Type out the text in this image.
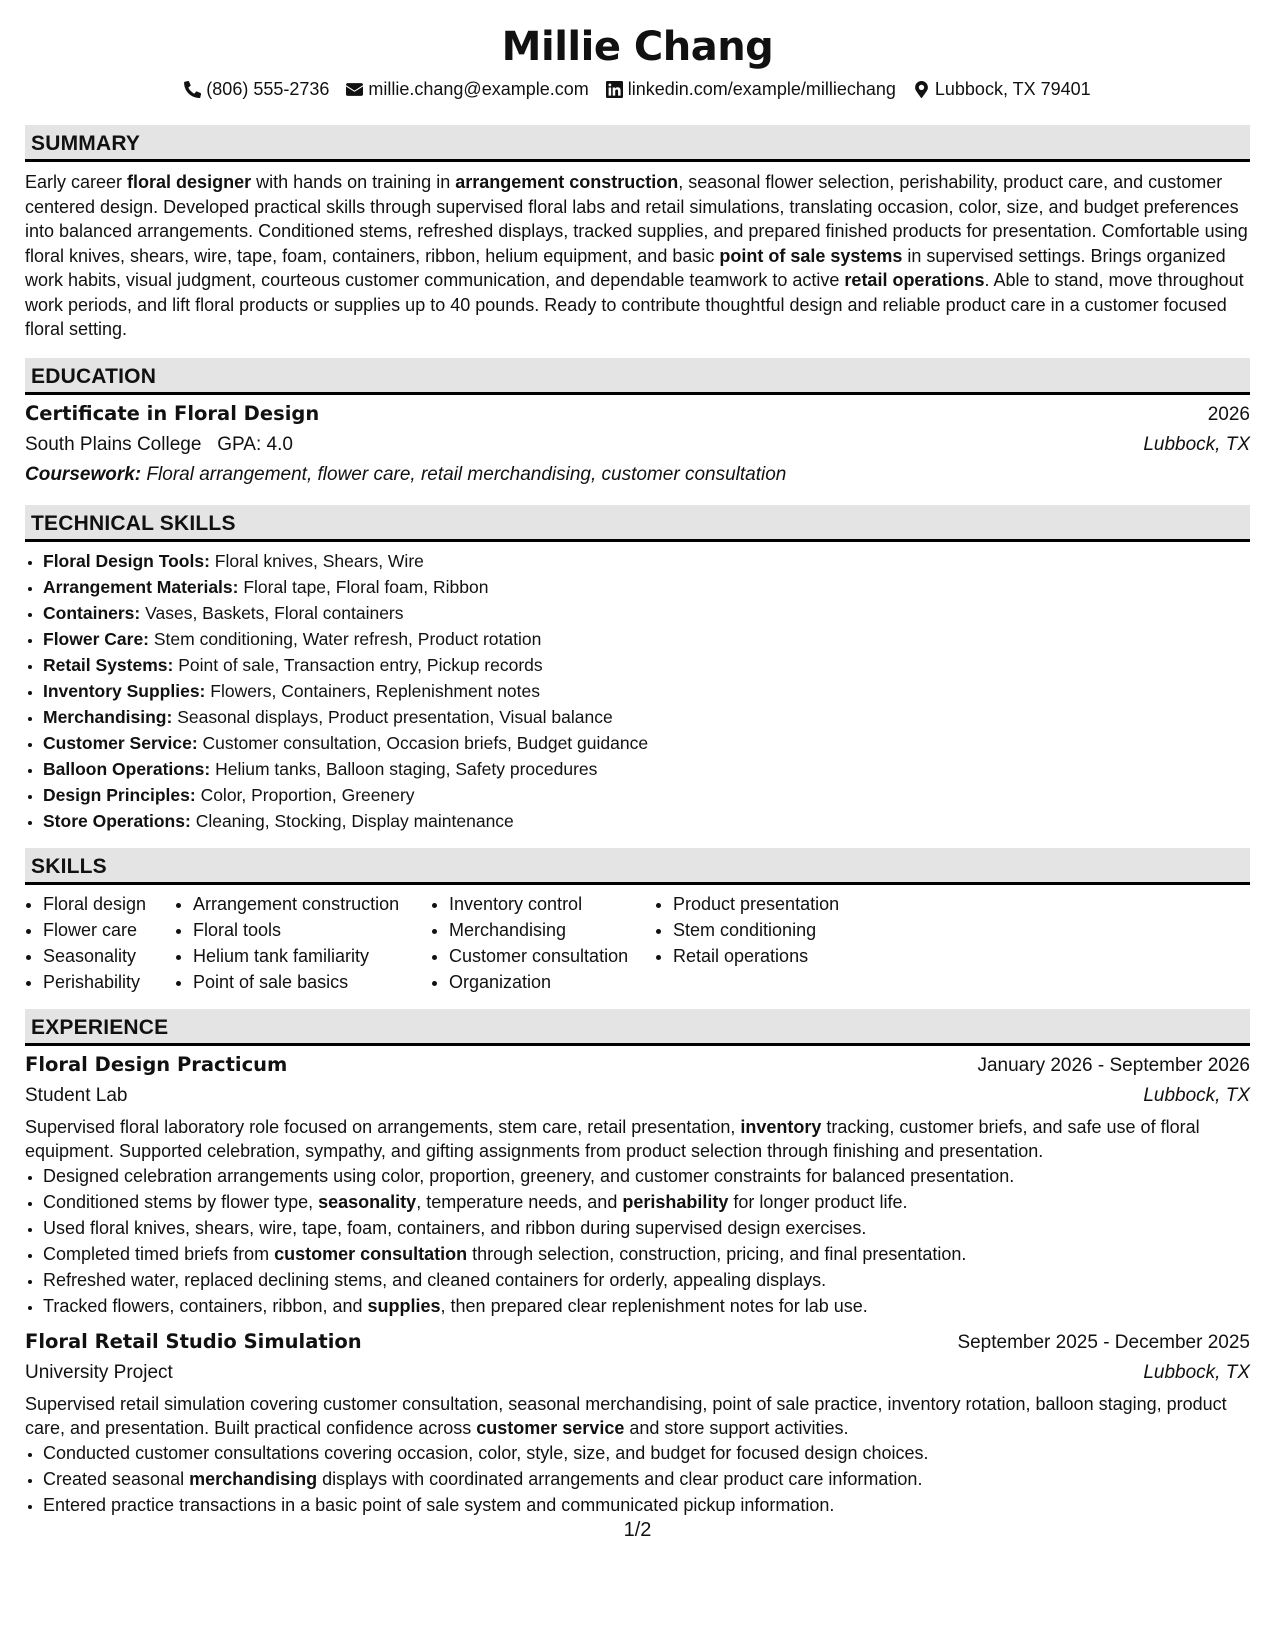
Millie Chang
(806) 555-2736 millie.chang@example.com linkedin.com/example/milliechang Lubbock, TX 79401
SUMMARY

Early career floral designer with hands on training in arrangement construction, seasonal flower selection, perishability, product care, and customer centered design. Developed practical skills through supervised floral labs and retail simulations, translating occasion, color, size, and budget preferences into balanced arrangements. Conditioned stems, refreshed displays, tracked supplies, and prepared finished products for presentation. Comfortable using floral knives, shears, wire, tape, foam, containers, ribbon, helium equipment, and basic point of sale systems in supervised settings. Brings organized work habits, visual judgment, courteous customer communication, and dependable teamwork to active retail operations. Able to stand, move throughout work periods, and lift floral products or supplies up to 40 pounds. Ready to contribute thoughtful design and reliable product care in a customer focused floral setting.

EDUCATION
Certificate in Floral Design	2026
South Plains College GPA: 4.0	Lubbock, TX
Coursework: Floral arrangement, flower care, retail merchandising, customer consultation
TECHNICAL SKILLS
• Floral Design Tools: Floral knives, Shears, Wire
• Arrangement Materials: Floral tape, Floral foam, Ribbon
• Containers: Vases, Baskets, Floral containers
• Flower Care: Stem conditioning, Water refresh, Product rotation
• Retail Systems: Point of sale, Transaction entry, Pickup records
• Inventory Supplies: Flowers, Containers, Replenishment notes
• Merchandising: Seasonal displays, Product presentation, Visual balance
• Customer Service: Customer consultation, Occasion briefs, Budget guidance
• Balloon Operations: Helium tanks, Balloon staging, Safety procedures
• Design Principles: Color, Proportion, Greenery
• Store Operations: Cleaning, Stocking, Display maintenance
SKILLS
• Floral design
• Flower care
• Seasonality
• Perishability
• Arrangement construction
• Floral tools
• Helium tank familiarity
• Point of sale basics
• Inventory control
• Merchandising
• Customer consultation
• Organization
• Product presentation
• Stem conditioning
• Retail operations
EXPERIENCE
Floral Design Practicum	January 2026 - September 2026
Student Lab	Lubbock, TX

Supervised floral laboratory role focused on arrangements, stem care, retail presentation, inventory tracking, customer briefs, and safe use of floral equipment. Supported celebration, sympathy, and gifting assignments from product selection through finishing and presentation.

• Designed celebration arrangements using color, proportion, greenery, and customer constraints for balanced presentation.
• Conditioned stems by flower type, seasonality, temperature needs, and perishability for longer product life.
• Used floral knives, shears, wire, tape, foam, containers, and ribbon during supervised design exercises.
• Completed timed briefs from customer consultation through selection, construction, pricing, and final presentation.
• Refreshed water, replaced declining stems, and cleaned containers for orderly, appealing displays.
• Tracked flowers, containers, ribbon, and supplies, then prepared clear replenishment notes for lab use.
Floral Retail Studio Simulation	September 2025 - December 2025
University Project	Lubbock, TX

Supervised retail simulation covering customer consultation, seasonal merchandising, point of sale practice, inventory rotation, balloon staging, product care, and presentation. Built practical confidence across customer service and store support activities.

• Conducted customer consultations covering occasion, color, style, size, and budget for focused design choices.
• Created seasonal merchandising displays with coordinated arrangements and clear product care information.
• Entered practice transactions in a basic point of sale system and communicated pickup information.
1/2
